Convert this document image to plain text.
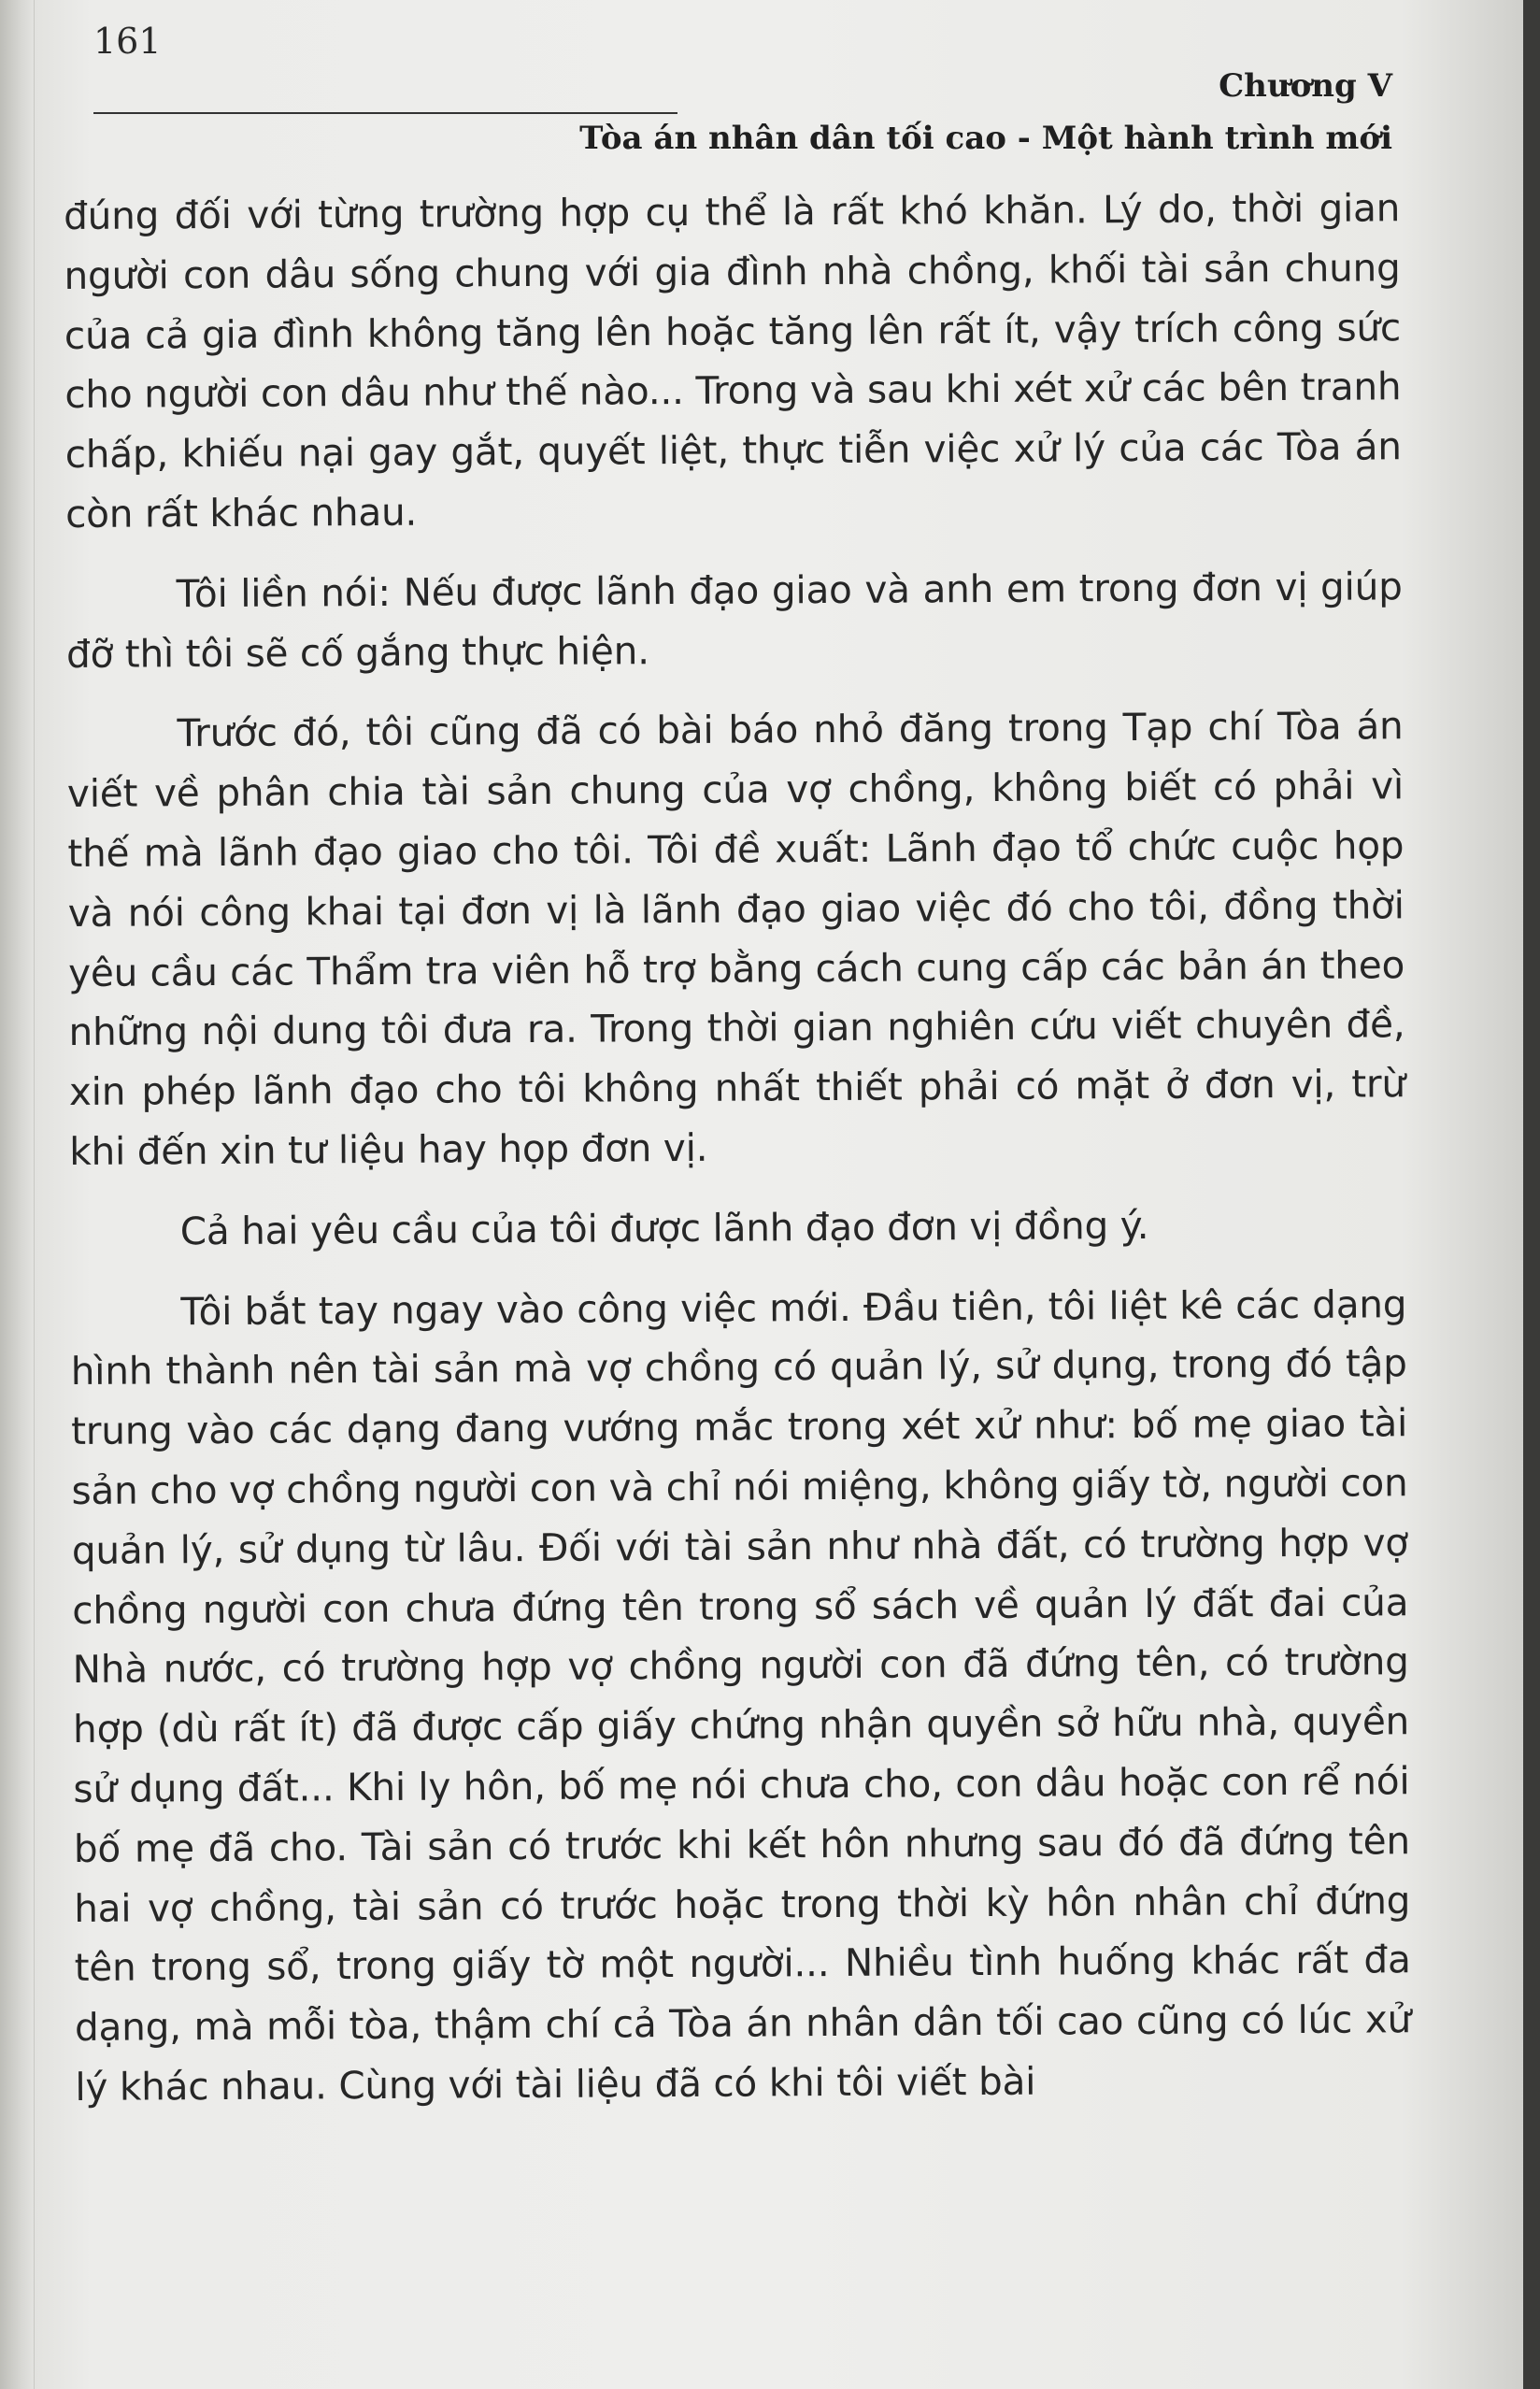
161
Chương V
Tòa án nhân dân tối cao - Một hành trình mới

đúng đối với từng trường hợp cụ thể là rất khó khăn. Lý do, thời gian người con dâu sống chung với gia đình nhà chồng, khối tài sản chung của cả gia đình không tăng lên hoặc tăng lên rất ít, vậy trích công sức cho người con dâu như thế nào... Trong và sau khi xét xử các bên tranh chấp, khiếu nại gay gắt, quyết liệt, thực tiễn việc xử lý của các Tòa án còn rất khác nhau.

Tôi liền nói: Nếu được lãnh đạo giao và anh em trong đơn vị giúp đỡ thì tôi sẽ cố gắng thực hiện.

Trước đó, tôi cũng đã có bài báo nhỏ đăng trong Tạp chí Tòa án viết về phân chia tài sản chung của vợ chồng, không biết có phải vì thế mà lãnh đạo giao cho tôi. Tôi đề xuất: Lãnh đạo tổ chức cuộc họp và nói công khai tại đơn vị là lãnh đạo giao việc đó cho tôi, đồng thời yêu cầu các Thẩm tra viên hỗ trợ bằng cách cung cấp các bản án theo những nội dung tôi đưa ra. Trong thời gian nghiên cứu viết chuyên đề, xin phép lãnh đạo cho tôi không nhất thiết phải có mặt ở đơn vị, trừ khi đến xin tư liệu hay họp đơn vị.

Cả hai yêu cầu của tôi được lãnh đạo đơn vị đồng ý.

Tôi bắt tay ngay vào công việc mới. Đầu tiên, tôi liệt kê các dạng hình thành nên tài sản mà vợ chồng có quản lý, sử dụng, trong đó tập trung vào các dạng đang vướng mắc trong xét xử như: bố mẹ giao tài sản cho vợ chồng người con và chỉ nói miệng, không giấy tờ, người con quản lý, sử dụng từ lâu. Đối với tài sản như nhà đất, có trường hợp vợ chồng người con chưa đứng tên trong sổ sách về quản lý đất đai của Nhà nước, có trường hợp vợ chồng người con đã đứng tên, có trường hợp (dù rất ít) đã được cấp giấy chứng nhận quyền sở hữu nhà, quyền sử dụng đất... Khi ly hôn, bố mẹ nói chưa cho, con dâu hoặc con rể nói bố mẹ đã cho. Tài sản có trước khi kết hôn nhưng sau đó đã đứng tên hai vợ chồng, tài sản có trước hoặc trong thời kỳ hôn nhân chỉ đứng tên trong sổ, trong giấy tờ một người... Nhiều tình huống khác rất đa dạng, mà mỗi tòa, thậm chí cả Tòa án nhân dân tối cao cũng có lúc xử lý khác nhau. Cùng với tài liệu đã có khi tôi viết bài
